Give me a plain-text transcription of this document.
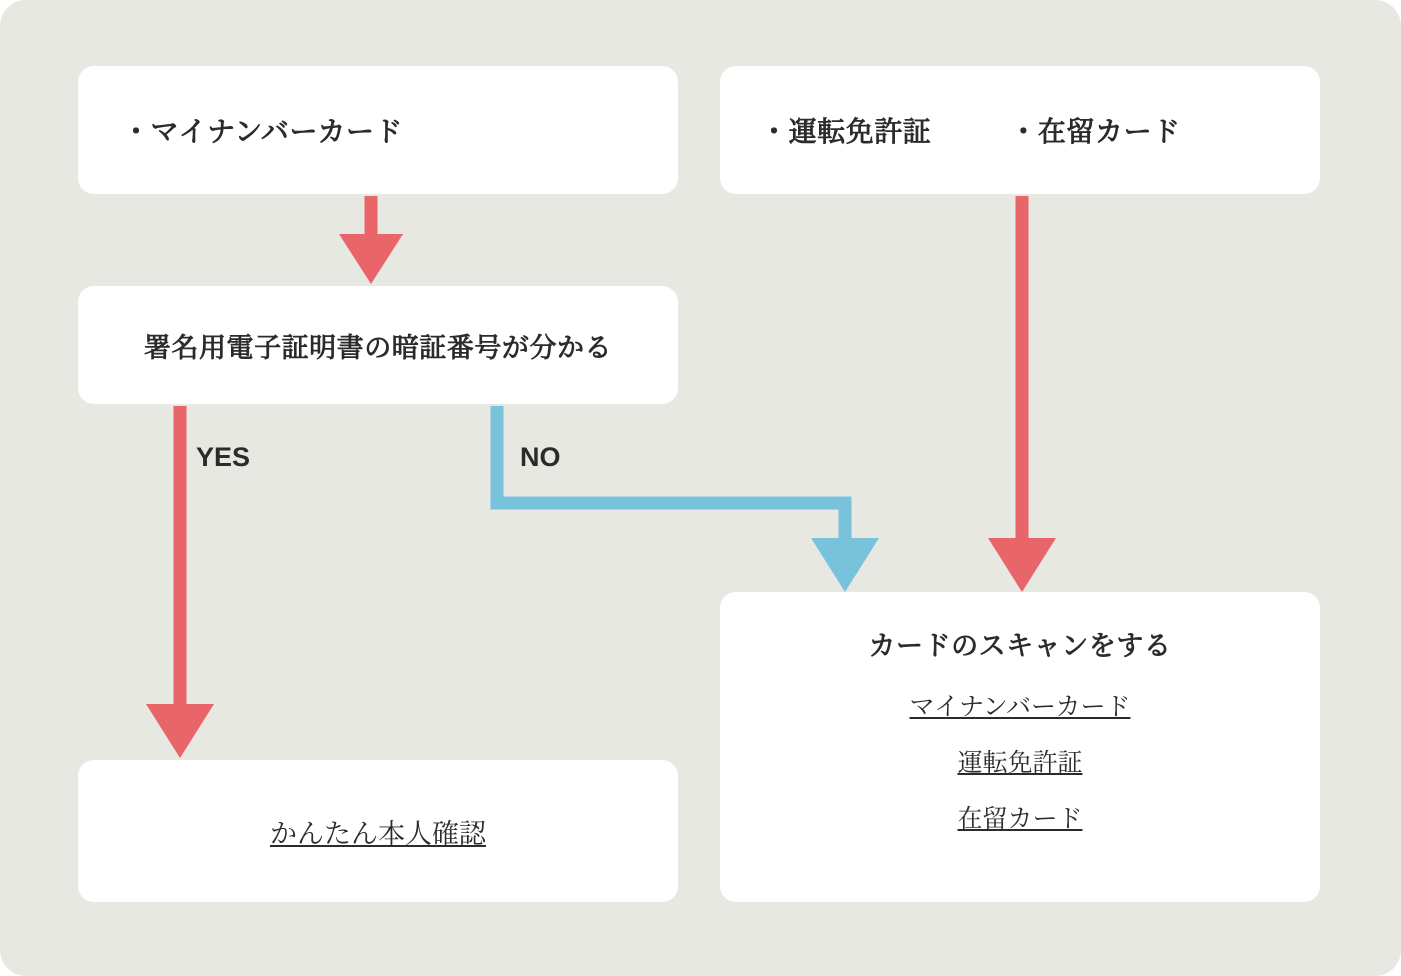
・マイナンバーカード	・運転免許証	・在留カード
署名用電子証明書の暗証番号が分かる
YES	NO
かんたん本人確認
カードのスキャンをする
マイナンバーカード
運転免許証
在留カード
